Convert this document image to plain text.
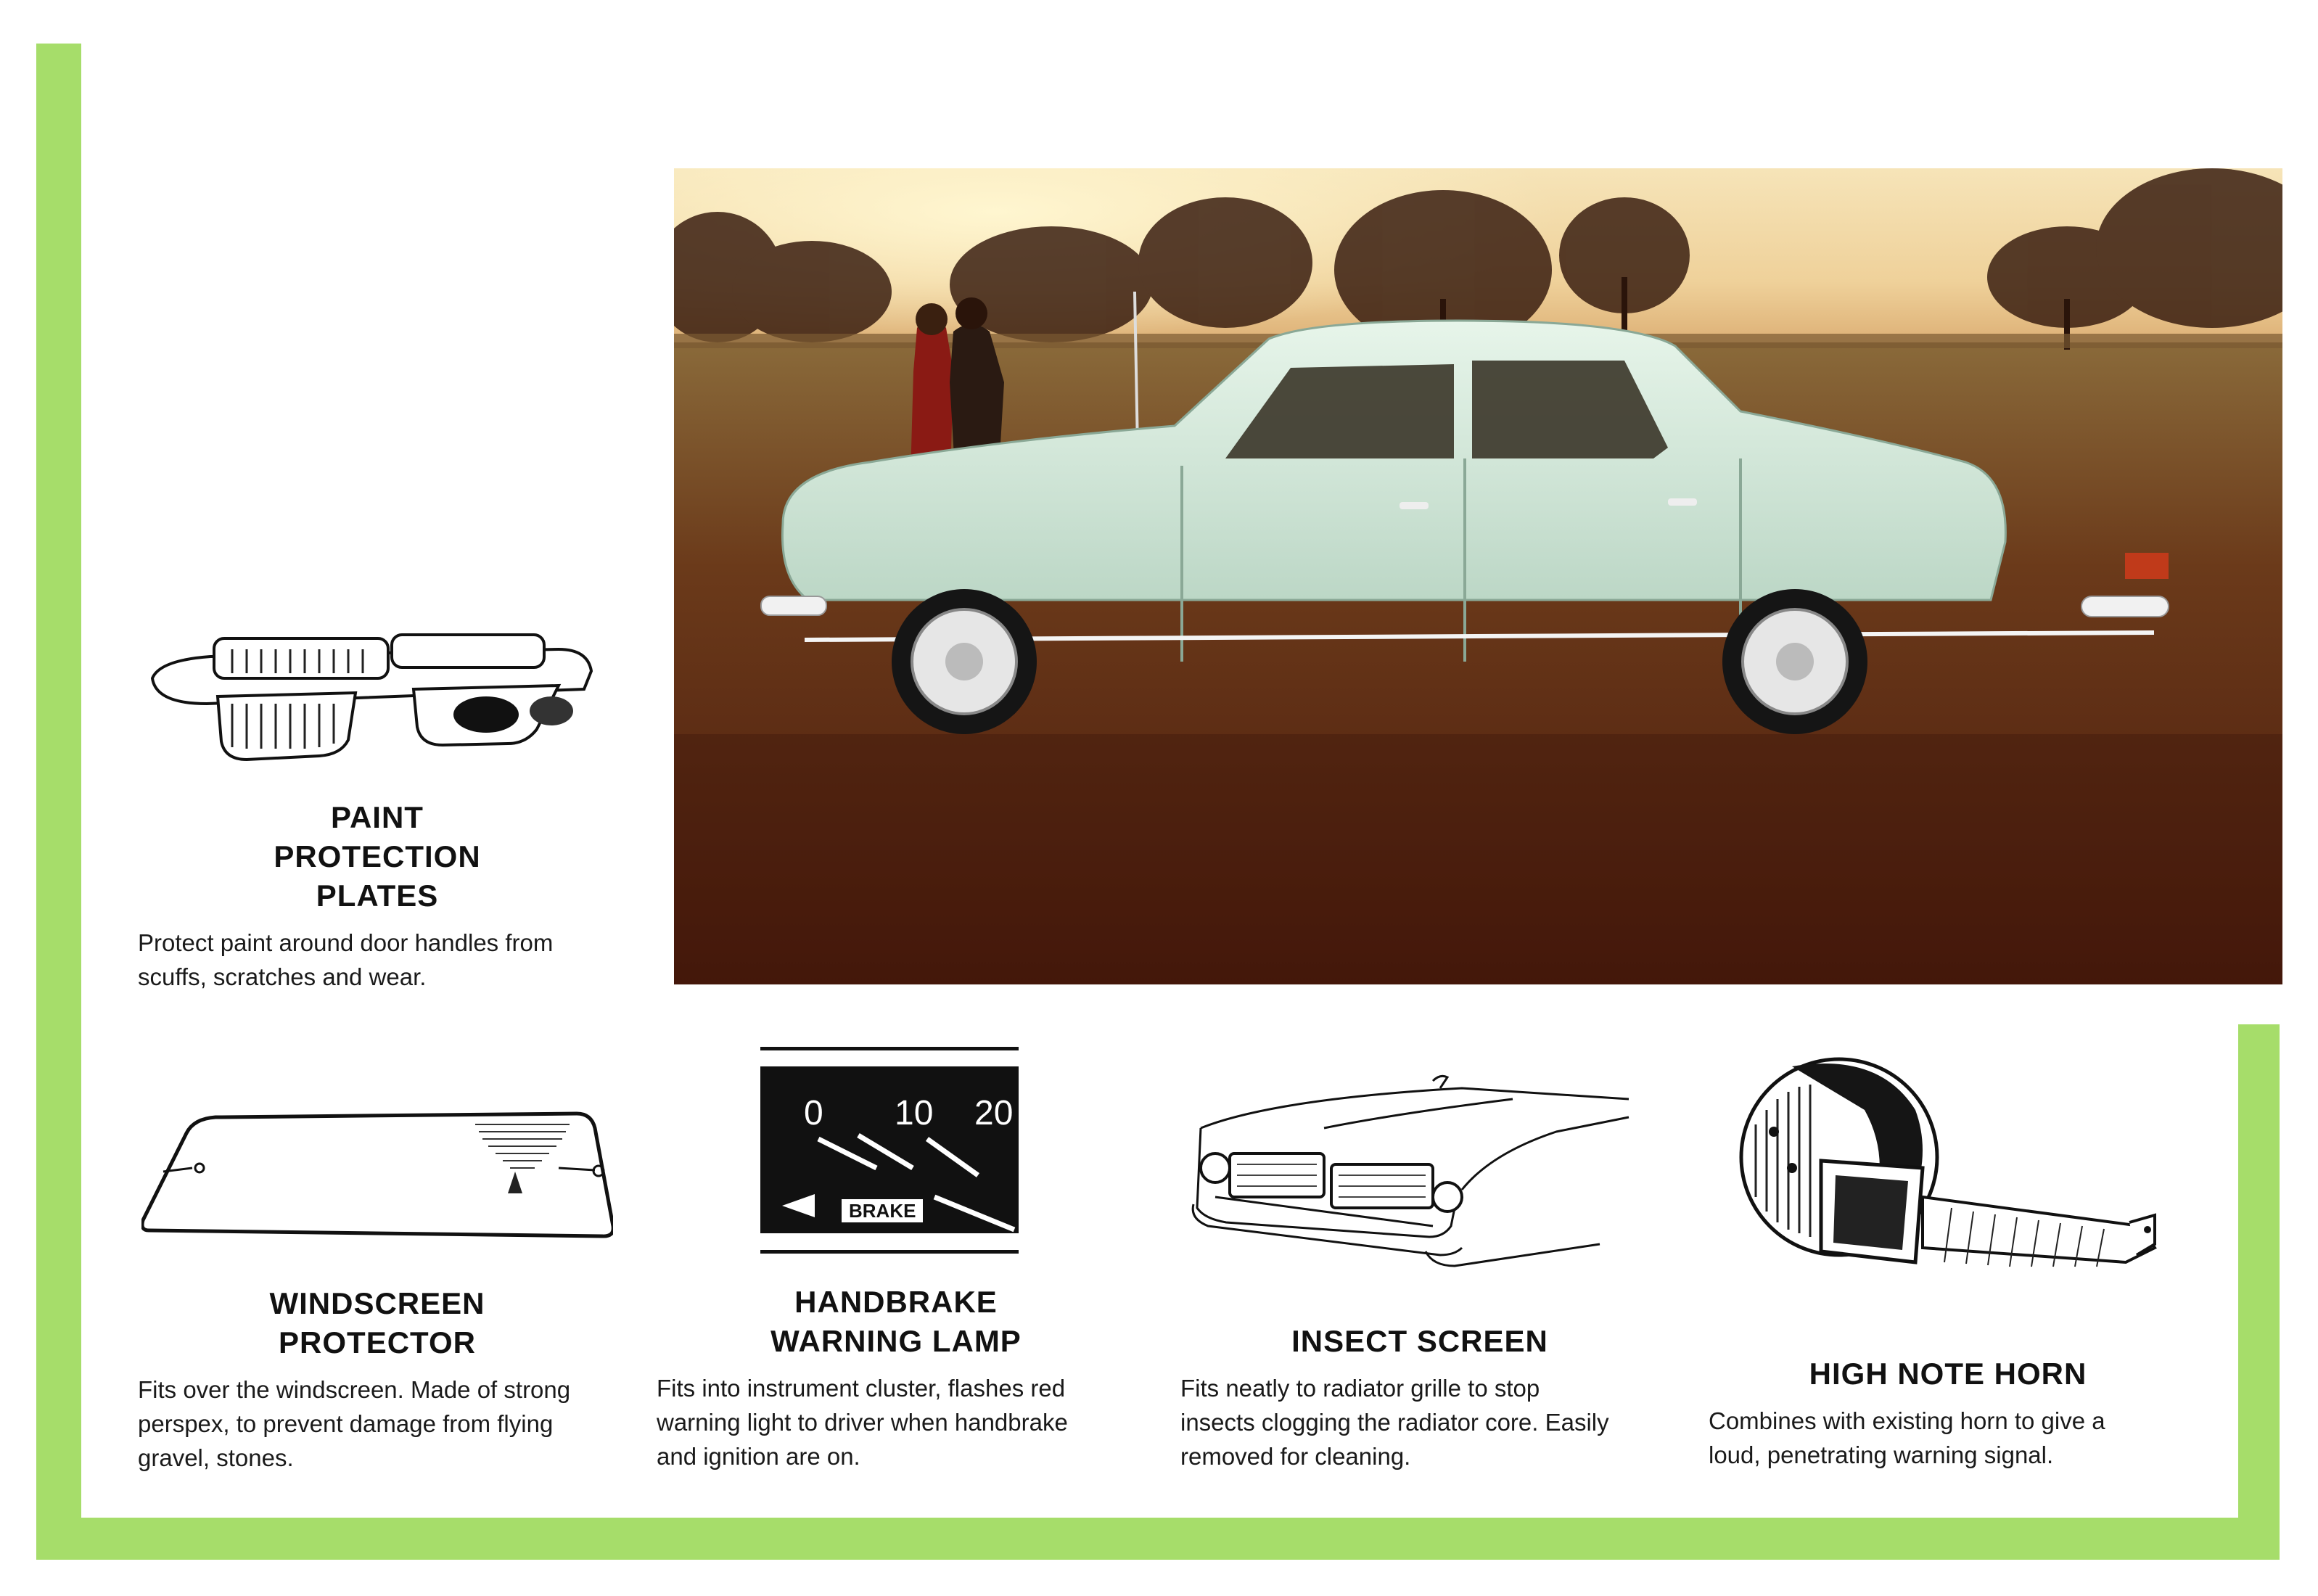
PAINT
PROTECTION
PLATES
Protect paint around door handles from
scuffs, scratches and wear.
WINDSCREEN
PROTECTOR
Fits over the windscreen. Made of strong
perspex, to prevent damage from flying
gravel, stones.
0 10 20
BRAKE
HANDBRAKE
WARNING LAMP
Fits into instrument cluster, flashes red
warning light to driver when handbrake
and ignition are on.
INSECT SCREEN
Fits neatly to radiator grille to stop
insects clogging the radiator core. Easily
removed for cleaning.
HIGH NOTE HORN
Combines with existing horn to give a
loud, penetrating warning signal.
